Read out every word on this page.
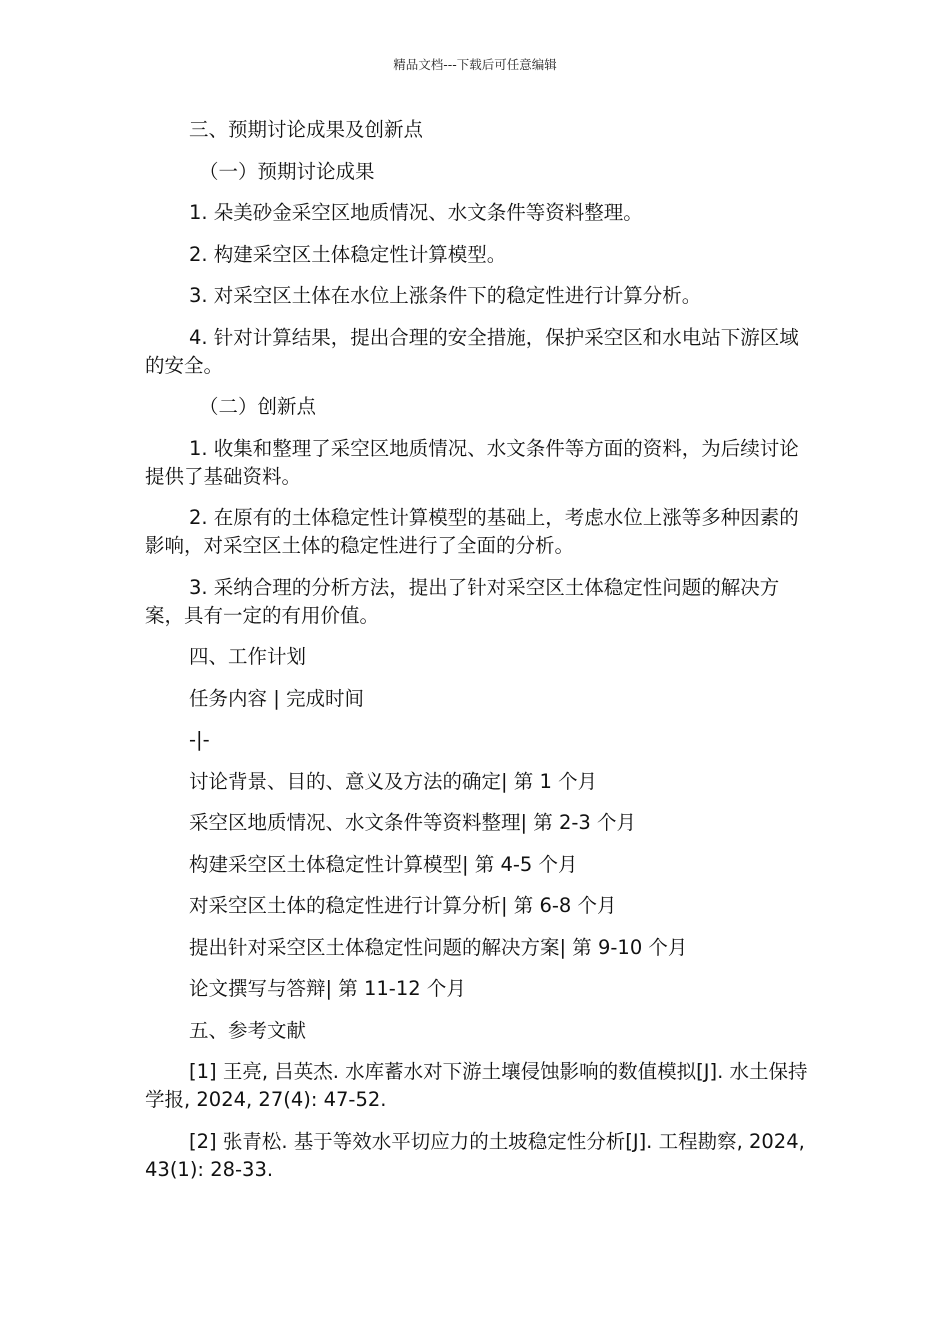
精品文档---下载后可任意编辑

三、预期讨论成果及创新点

（一）预期讨论成果

1. 朵美砂金采空区地质情况、水文条件等资料整理。

2. 构建采空区土体稳定性计算模型。

3. 对采空区土体在水位上涨条件下的稳定性进行计算分析。

4. 针对计算结果，提出合理的安全措施，保护采空区和水电站下游区域的安全。

（二）创新点

1. 收集和整理了采空区地质情况、水文条件等方面的资料，为后续讨论提供了基础资料。

2. 在原有的土体稳定性计算模型的基础上，考虑水位上涨等多种因素的影响，对采空区土体的稳定性进行了全面的分析。

3. 采纳合理的分析方法，提出了针对采空区土体稳定性问题的解决方案，具有一定的有用价值。

四、工作计划

任务内容 | 完成时间

-|-

讨论背景、目的、意义及方法的确定| 第 1 个月

采空区地质情况、水文条件等资料整理| 第 2-3 个月

构建采空区土体稳定性计算模型| 第 4-5 个月

对采空区土体的稳定性进行计算分析| 第 6-8 个月

提出针对采空区土体稳定性问题的解决方案| 第 9-10 个月

论文撰写与答辩| 第 11-12 个月

五、参考文献

[1] 王亮, 吕英杰. 水库蓄水对下游土壤侵蚀影响的数值模拟[J]. 水土保持学报, 2024, 27(4): 47-52.

[2] 张青松. 基于等效水平切应力的土坡稳定性分析[J]. 工程勘察, 2024, 43(1): 28-33.
